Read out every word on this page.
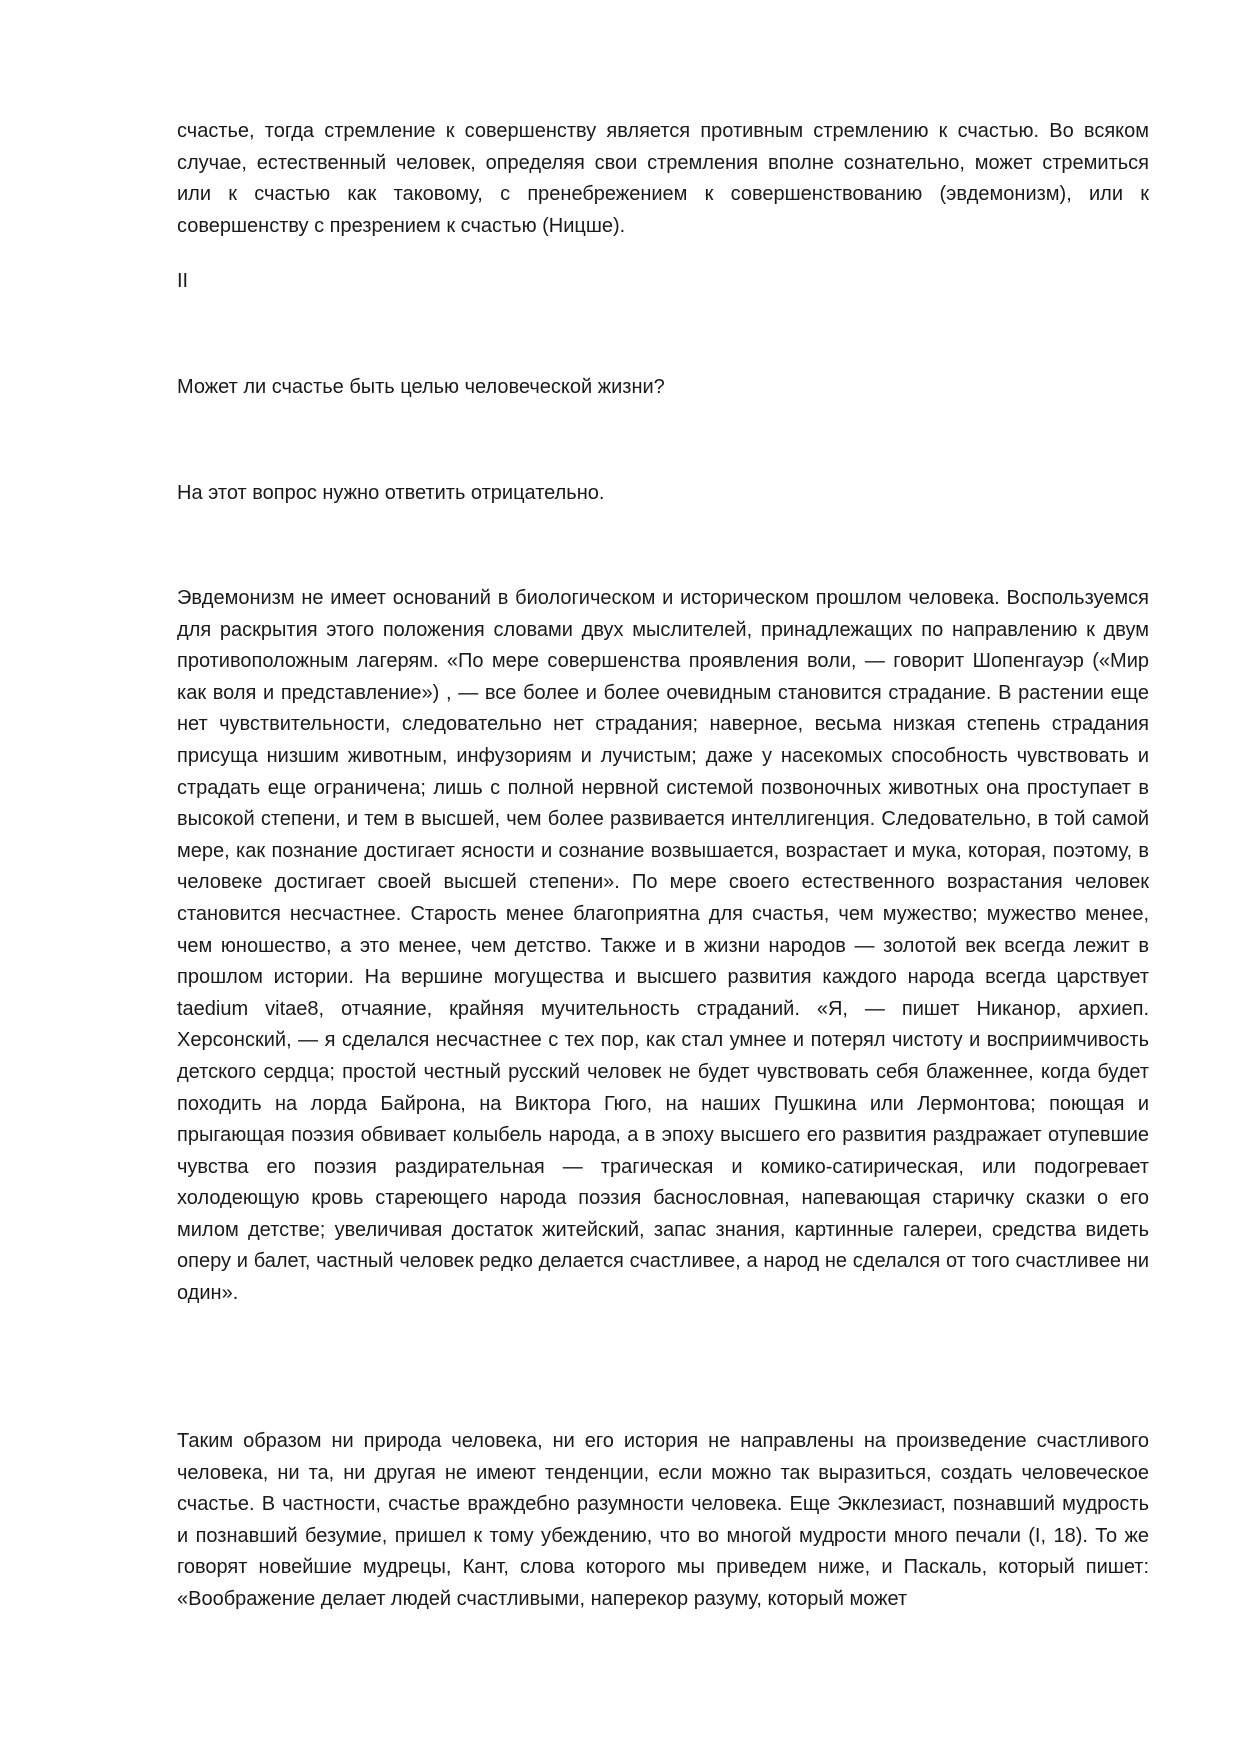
счастье, тогда стремление к совершенству является противным стремлению к счастью. Во всяком случае, естественный человек, определяя свои стремления вполне сознательно, может стремиться или к счастью как таковому, с пренебрежением к совершенствованию (эвдемонизм), или к совершенству с презрением к счастью (Ницше).

II

Может ли счастье быть целью человеческой жизни?

На этот вопрос нужно ответить отрицательно.

Эвдемонизм не имеет оснований в биологическом и историческом прошлом человека. Воспользуемся для раскрытия этого положения словами двух мыслителей, принадлежащих по направлению к двум противоположным лагерям. «По мере совершенства проявления воли, — говорит Шопенгауэр («Мир как воля и представление») , — все более и более очевидным становится страдание. В растении еще нет чувствительности, следовательно нет страдания; наверное, весьма низкая степень страдания присуща низшим животным, инфузориям и лучистым; даже у насекомых способность чувствовать и страдать еще ограничена; лишь с полной нервной системой позвоночных животных она проступает в высокой степени, и тем в высшей, чем более развивается интеллигенция. Следовательно, в той самой мере, как познание достигает ясности и сознание возвышается, возрастает и мука, которая, поэтому, в человеке достигает своей высшей степени». По мере своего естественного возрастания человек становится несчастнее. Старость менее благоприятна для счастья, чем мужество; мужество менее, чем юношество, а это менее, чем детство. Также и в жизни народов — золотой век всегда лежит в прошлом истории. На вершине могущества и высшего развития каждого народа всегда царствует taedium vitae8, отчаяние, крайняя мучительность страданий. «Я, — пишет Никанор, архиеп. Херсонский, — я сделался несчастнее с тех пор, как стал умнее и потерял чистоту и восприимчивость детского сердца; простой честный русский человек не будет чувствовать себя блаженнее, когда будет походить на лорда Байрона, на Виктора Гюго, на наших Пушкина или Лермонтова; поющая и прыгающая поэзия обвивает колыбель народа, а в эпоху высшего его развития раздражает отупевшие чувства его поэзия раздирательная — трагическая и комико-сатирическая, или подогревает холодеющую кровь стареющего народа поэзия баснословная, напевающая старичку сказки о его милом детстве; увеличивая достаток житейский, запас знания, картинные галереи, средства видеть оперу и балет, частный человек редко делается счастливее, а народ не сделался от того счастливее ни один».

Таким образом ни природа человека, ни его история не направлены на произведение счастливого человека, ни та, ни другая не имеют тенденции, если можно так выразиться, создать человеческое счастье. В частности, счастье враждебно разумности человека. Еще Экклезиаст, познавший мудрость и познавший безумие, пришел к тому убеждению, что во многой мудрости много печали (I, 18). То же говорят новейшие мудрецы, Кант, слова которого мы приведем ниже, и Паскаль, который пишет: «Воображение делает людей счастливыми, наперекор разуму, который может
